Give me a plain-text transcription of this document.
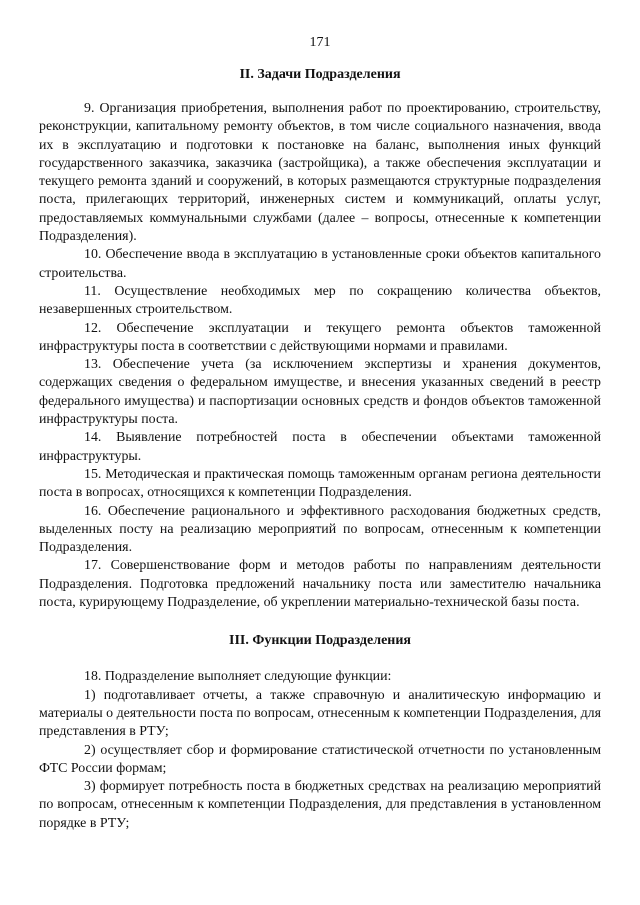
171
II. Задачи Подразделения

9. Организация приобретения, выполнения работ по проектированию, строительству, реконструкции, капитальному ремонту объектов, в том числе социального назначения, ввода их в эксплуатацию и подготовки к постановке на баланс, выполнения иных функций государственного заказчика, заказчика (застройщика), а также обеспечения эксплуатации и текущего ремонта зданий и сооружений, в которых размещаются структурные подразделения поста, прилегающих территорий, инженерных систем и коммуникаций, оплаты услуг, предоставляемых коммунальными службами (далее – вопросы, отнесенные к компетенции Подразделения).

10. Обеспечение ввода в эксплуатацию в установленные сроки объектов капитального строительства.

11. Осуществление необходимых мер по сокращению количества объектов, незавершенных строительством.

12. Обеспечение эксплуатации и текущего ремонта объектов таможенной инфраструктуры поста в соответствии с действующими нормами и правилами.

13. Обеспечение учета (за исключением экспертизы и хранения документов, содержащих сведения о федеральном имуществе, и внесения указанных сведений в реестр федерального имущества) и паспортизации основных средств и фондов объектов таможенной инфраструктуры поста.

14. Выявление потребностей поста в обеспечении объектами таможенной инфраструктуры.

15. Методическая и практическая помощь таможенным органам региона деятельности поста в вопросах, относящихся к компетенции Подразделения.

16. Обеспечение рационального и эффективного расходования бюджетных средств, выделенных посту на реализацию мероприятий по вопросам, отнесенным к компетенции Подразделения.

17. Совершенствование форм и методов работы по направлениям деятельности Подразделения. Подготовка предложений начальнику поста или заместителю начальника поста, курирующему Подразделение, об укреплении материально-технической базы поста.

III. Функции Подразделения

18. Подразделение выполняет следующие функции:

1) подготавливает отчеты, а также справочную и аналитическую информацию и материалы о деятельности поста по вопросам, отнесенным к компетенции Подразделения, для представления в РТУ;

2) осуществляет сбор и формирование статистической отчетности по установленным ФТС России формам;

3) формирует потребность поста в бюджетных средствах на реализацию мероприятий по вопросам, отнесенным к компетенции Подразделения, для представления в установленном порядке в РТУ;
